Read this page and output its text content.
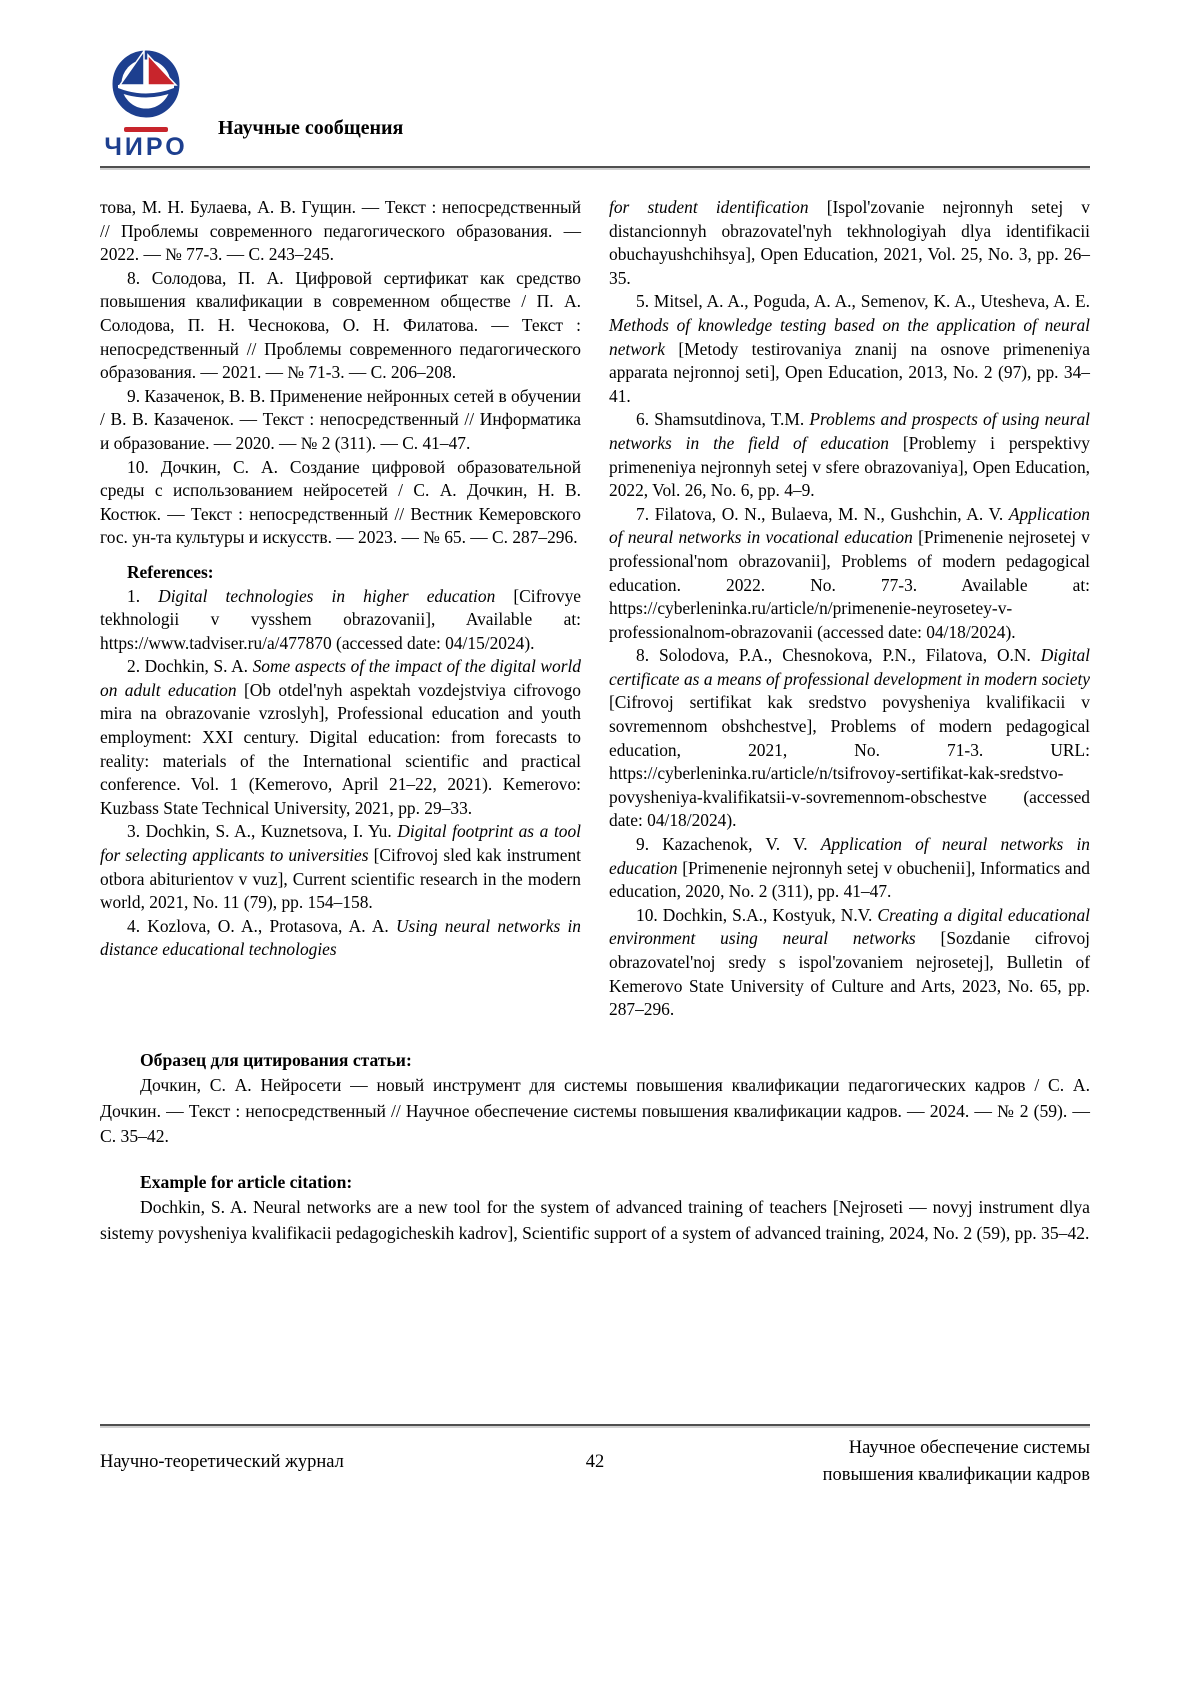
ЧИРО
Научные сообщения

това, М. Н. Булаева, А. В. Гущин. — Текст : непосредственный // Проблемы современного педагогического образования. — 2022. — № 77-3. — С. 243–245.

8. Солодова, П. А. Цифровой сертификат как средство повышения квалификации в современном обществе / П. А. Солодова, П. Н. Чеснокова, О. Н. Филатова. — Текст : непосредственный // Проблемы современного педагогического образования. — 2021. — № 71-3. — С. 206–208.

9. Казаченок, В. В. Применение нейронных сетей в обучении / В. В. Казаченок. — Текст : непосредственный // Информатика и образование. — 2020. — № 2 (311). — С. 41–47.

10. Дочкин, С. А. Создание цифровой образовательной среды с использованием нейросетей / С. А. Дочкин, Н. В. Костюк. — Текст : непосредственный // Вестник Кемеровского гос. ун-та культуры и искусств. — 2023. — № 65. — С. 287–296.

References:

1. Digital technologies in higher education [Cifrovye tekhnologii v vysshem obrazovanii], Available at: https://www.tadviser.ru/a/477870 (accessed date: 04/15/2024).

2. Dochkin, S. A. Some aspects of the impact of the digital world on adult education [Ob otdel'nyh aspektah vozdejstviya cifrovogo mira na obrazovanie vzroslyh], Professional education and youth employment: XXI century. Digital education: from forecasts to reality: materials of the International scientific and practical conference. Vol. 1 (Kemerovo, April 21–22, 2021). Kemerovo: Kuzbass State Technical University, 2021, pp. 29–33.

3. Dochkin, S. A., Kuznetsova, I. Yu. Digital footprint as a tool for selecting applicants to universities [Cifrovoj sled kak instrument otbora abiturientov v vuz], Current scientific research in the modern world, 2021, No. 11 (79), pp. 154–158.

4. Kozlova, O. A., Protasova, A. A. Using neural networks in distance educational technologies

for student identification [Ispol'zovanie nejronnyh setej v distancionnyh obrazovatel'nyh tekhnologiyah dlya identifikacii obuchayushchihsya], Open Education, 2021, Vol. 25, No. 3, pp. 26–35.

5. Mitsel, A. A., Poguda, A. A., Semenov, K. A., Utesheva, A. E. Methods of knowledge testing based on the application of neural network [Metody testirovaniya znanij na osnove primeneniya apparata nejronnoj seti], Open Education, 2013, No. 2 (97), pp. 34–41.

6. Shamsutdinova, T.M. Problems and prospects of using neural networks in the field of education [Problemy i perspektivy primeneniya nejronnyh setej v sfere obrazovaniya], Open Education, 2022, Vol. 26, No. 6, pp. 4–9.

7. Filatova, O. N., Bulaeva, M. N., Gushchin, A. V. Application of neural networks in vocational education [Primenenie nejrosetej v professional'nom obrazovanii], Problems of modern pedagogical education. 2022. No. 77-3. Available at: https://cyberleninka.ru/article/n/primenenie-neyrosetey-v-professionalnom-obrazovanii (accessed date: 04/18/2024).

8. Solodova, P.A., Chesnokova, P.N., Filatova, O.N. Digital certificate as a means of professional development in modern society [Cifrovoj sertifikat kak sredstvo povysheniya kvalifikacii v sovremennom obshchestve], Problems of modern pedagogical education, 2021, No. 71-3. URL: https://cyberleninka.ru/article/n/tsifrovoy-sertifikat-kak-sredstvo-povysheniya-kvalifikatsii-v-sovremennom-obschestve (accessed date: 04/18/2024).

9. Kazachenok, V. V. Application of neural networks in education [Primenenie nejronnyh setej v obuchenii], Informatics and education, 2020, No. 2 (311), pp. 41–47.

10. Dochkin, S.A., Kostyuk, N.V. Creating a digital educational environment using neural networks [Sozdanie cifrovoj obrazovatel'noj sredy s ispol'zovaniem nejrosetej], Bulletin of Kemerovo State University of Culture and Arts, 2023, No. 65, pp. 287–296.

Образец для цитирования статьи:

Дочкин, С. А. Нейросети — новый инструмент для системы повышения квалификации педагогических кадров / С. А. Дочкин. — Текст : непосредственный // Научное обеспечение системы повышения квалификации кадров. — 2024. — № 2 (59). — С. 35–42.

Example for article citation:

Dochkin, S. A. Neural networks are a new tool for the system of advanced training of teachers [Nejroseti — novyj instrument dlya sistemy povysheniya kvalifikacii pedagogicheskih kadrov], Scientific support of a system of advanced training, 2024, No. 2 (59), pp. 35–42.

Научно-теоретический журнал	42
Научное обеспечение системы
повышения квалификации кадров
